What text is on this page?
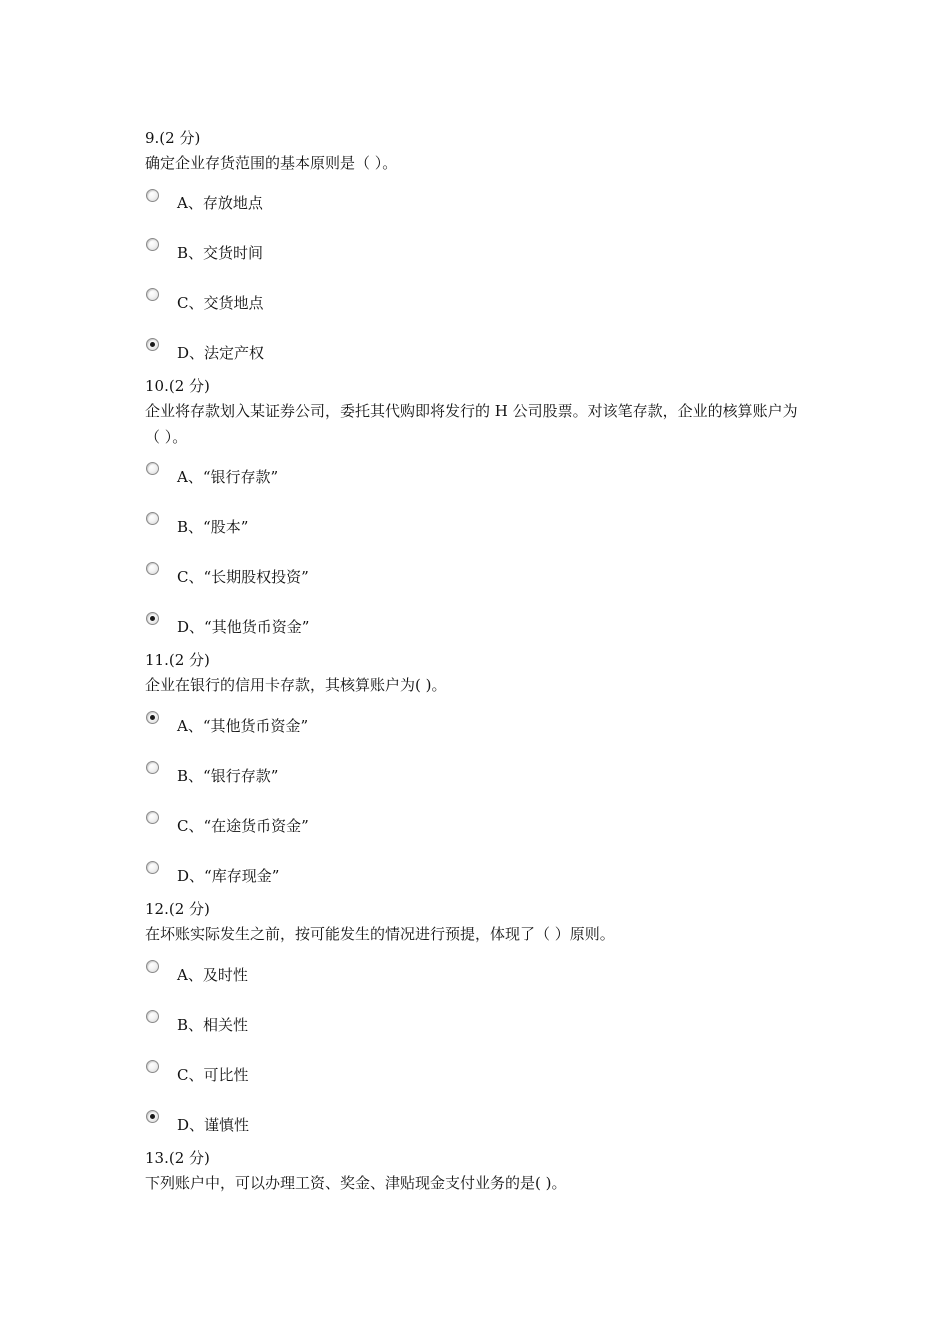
9.(2 分)
确定企业存货范围的基本原则是（ ）。
A、存放地点
B、交货时间
C、交货地点
D、法定产权
10.(2 分)
企业将存款划入某证券公司，委托其代购即将发行的 H 公司股票。对该笔存款，企业的核算账户为（ ）。
A、“银行存款”
B、“股本”
C、“长期股权投资”
D、“其他货币资金”
11.(2 分)
企业在银行的信用卡存款，其核算账户为( )。
A、“其他货币资金”
B、“银行存款”
C、“在途货币资金”
D、“库存现金”
12.(2 分)
在坏账实际发生之前，按可能发生的情况进行预提，体现了（ ）原则。
A、及时性
B、相关性
C、可比性
D、谨慎性
13.(2 分)
下列账户中，可以办理工资、奖金、津贴现金支付业务的是( )。
